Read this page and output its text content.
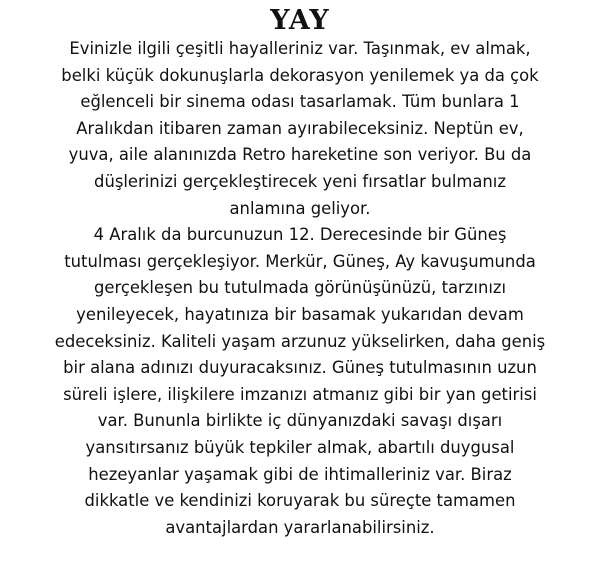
YAY

Evinizle ilgili çeşitli hayalleriniz var. Taşınmak, ev almak,
belki küçük dokunuşlarla dekorasyon yenilemek ya da çok
eğlenceli bir sinema odası tasarlamak. Tüm bunlara 1
Aralıkdan itibaren zaman ayırabileceksiniz. Neptün ev,
yuva, aile alanınızda Retro hareketine son veriyor. Bu da
düşlerinizi gerçekleştirecek yeni fırsatlar bulmanız
anlamına geliyor.
4 Aralık da burcunuzun 12. Derecesinde bir Güneş
tutulması gerçekleşiyor. Merkür, Güneş, Ay kavuşumunda
gerçekleşen bu tutulmada görünüşünüzü, tarzınızı
yenileyecek, hayatınıza bir basamak yukarıdan devam
edeceksiniz. Kaliteli yaşam arzunuz yükselirken, daha geniş
bir alana adınızı duyuracaksınız. Güneş tutulmasının uzun
süreli işlere, ilişkilere imzanızı atmanız gibi bir yan getirisi
var. Bununla birlikte iç dünyanızdaki savaşı dışarı
yansıtırsanız büyük tepkiler almak, abartılı duygusal
hezeyanlar yaşamak gibi de ihtimalleriniz var. Biraz
dikkatle ve kendinizi koruyarak bu süreçte tamamen
avantajlardan yararlanabilirsiniz.
